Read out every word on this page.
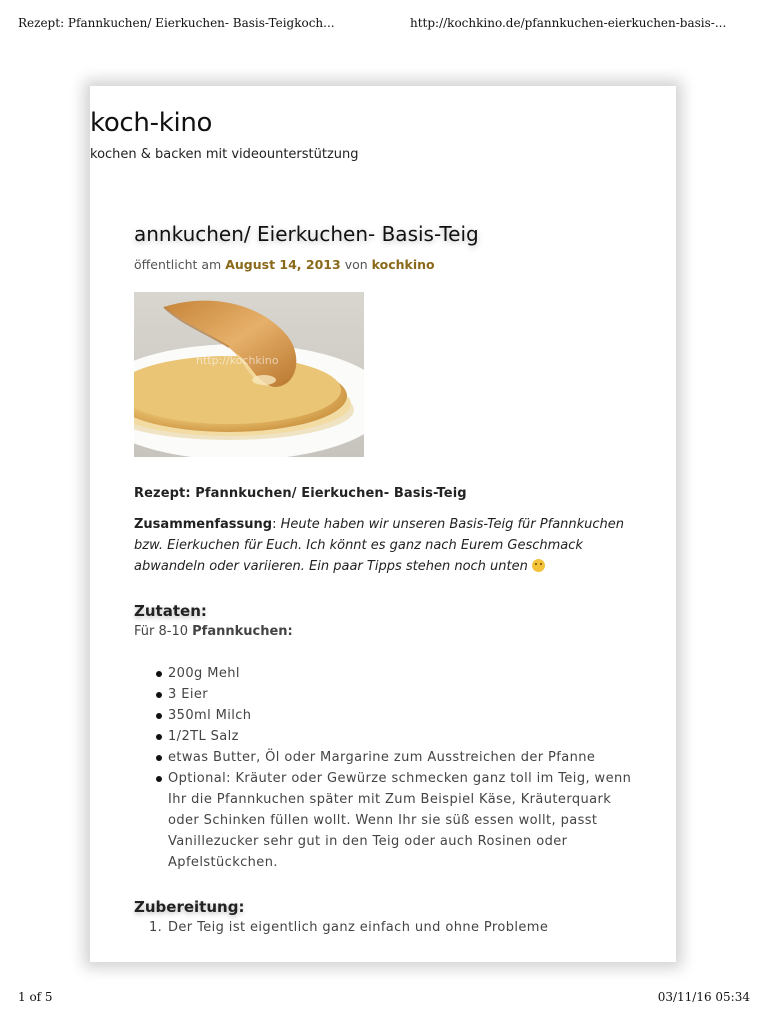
Rezept: Pfannkuchen/ Eierkuchen- Basis-Teigkoch...	http://kochkino.de/pfannkuchen-eierkuchen-basis-...
koch-kino
kochen & backen mit videounterstützung
annkuchen/ Eierkuchen- Basis-Teig
öffentlicht am August 14, 2013 von kochkino
http://kochkino

Rezept: Pfannkuchen/ Eierkuchen- Basis-Teig

Zusammenfassung: Heute haben wir unseren Basis-Teig für Pfannkuchen bzw. Eierkuchen für Euch. Ich könnt es ganz nach Eurem Geschmack abwandeln oder variieren. Ein paar Tipps stehen noch unten

Zutaten:

Für 8-10 Pfannkuchen:

200g Mehl
3 Eier
350ml Milch
1/2TL Salz
etwas Butter, Öl oder Margarine zum Ausstreichen der Pfanne
Optional: Kräuter oder Gewürze schmecken ganz toll im Teig, wenn Ihr die Pfannkuchen später mit Zum Beispiel Käse, Kräuterquark oder Schinken füllen wollt. Wenn Ihr sie süß essen wollt, passt Vanillezucker sehr gut in den Teig oder auch Rosinen oder Apfelstückchen.
Zubereitung:
1. Der Teig ist eigentlich ganz einfach und ohne Probleme
1 of 5	03/11/16 05:34
